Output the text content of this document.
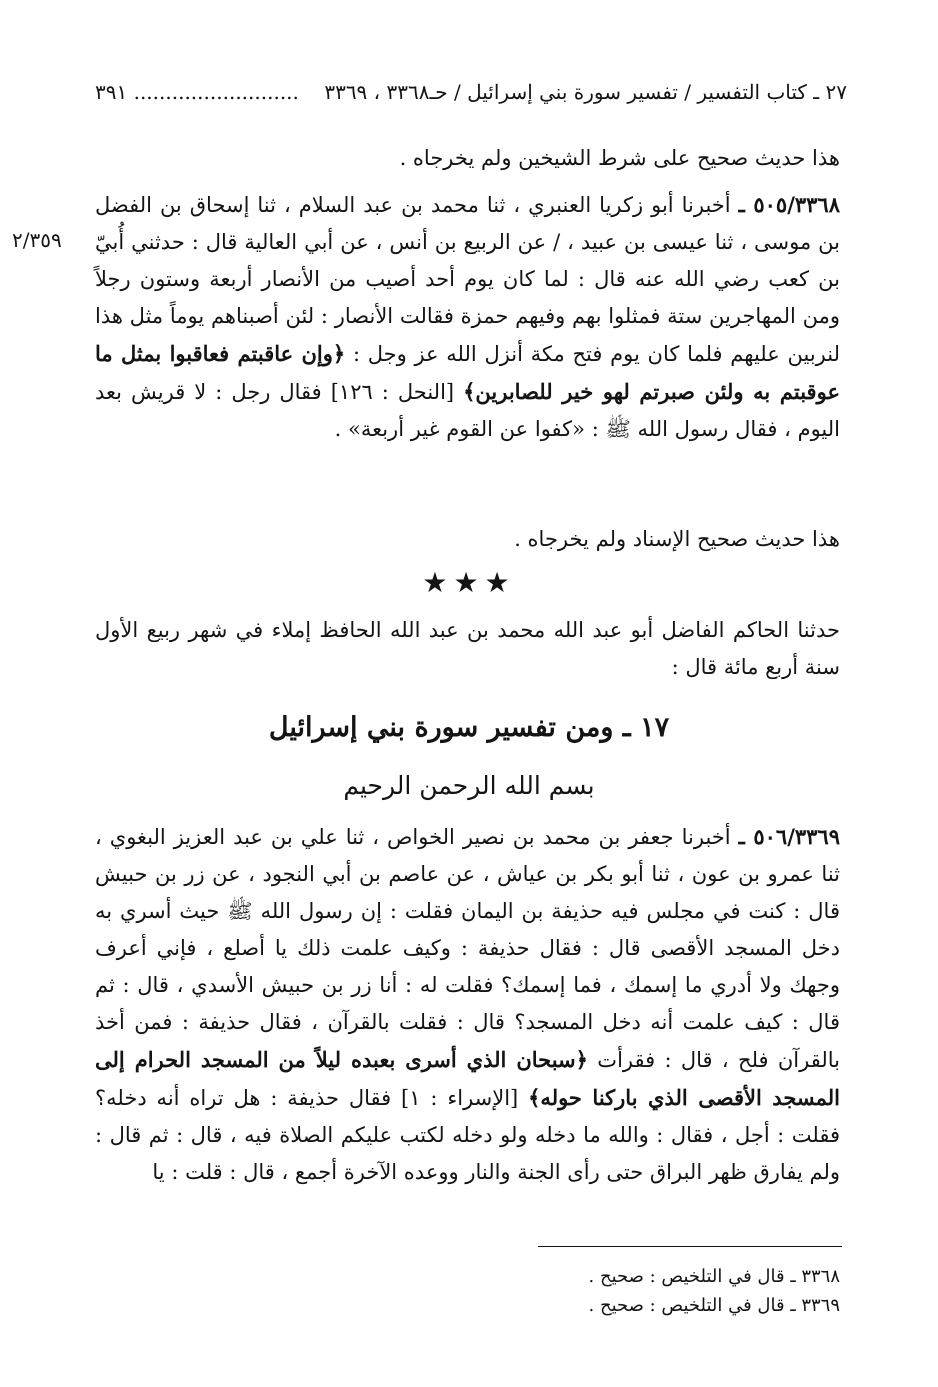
٢٧ ـ كتاب التفسير / تفسير سورة بني إسرائيل / حـ٣٣٦٨ ، ٣٣٦٩
.......................... ٣٩١
٢/٣٥٩
هذا حديث صحيح على شرط الشيخين ولم يخرجاه .
٥٠٥/٣٣٦٨ ـ أخبرنا أبو زكريا العنبري ، ثنا محمد بن عبد السلام ، ثنا إسحاق بن الفضل بن موسى ، ثنا عيسى بن عبيد ، / عن الربيع بن أنس ، عن أبي العالية قال : حدثني أُبيّ بن كعب رضي الله عنه قال : لما كان يوم أحد أصيب من الأنصار أربعة وستون رجلاً ومن المهاجرين ستة فمثلوا بهم وفيهم حمزة فقالت الأنصار : لئن أصبناهم يوماً مثل هذا لنربين عليهم فلما كان يوم فتح مكة أنزل الله عز وجل : ﴿وإن عاقبتم فعاقبوا بمثل ما عوقبتم به ولئن صبرتم لهو خير للصابرين﴾ [النحل : ١٢٦] فقال رجل : لا قريش بعد اليوم ، فقال رسول الله ﷺ : «كفوا عن القوم غير أربعة» .
هذا حديث صحيح الإسناد ولم يخرجاه .
★★★
حدثنا الحاكم الفاضل أبو عبد الله محمد بن عبد الله الحافظ إملاء في شهر ربيع الأول سنة أربع مائة قال :
١٧ ـ ومن تفسير سورة بني إسرائيل
بسم الله الرحمن الرحيم
٥٠٦/٣٣٦٩ ـ أخبرنا جعفر بن محمد بن نصير الخواص ، ثنا علي بن عبد العزيز البغوي ، ثنا عمرو بن عون ، ثنا أبو بكر بن عياش ، عن عاصم بن أبي النجود ، عن زر بن حبيش قال : كنت في مجلس فيه حذيفة بن اليمان فقلت : إن رسول الله ﷺ حيث أسري به دخل المسجد الأقصى قال : فقال حذيفة : وكيف علمت ذلك يا أصلع ، فإني أعرف وجهك ولا أدري ما إسمك ، فما إسمك؟ فقلت له : أنا زر بن حبيش الأسدي ، قال : ثم قال : كيف علمت أنه دخل المسجد؟ قال : فقلت بالقرآن ، فقال حذيفة : فمن أخذ بالقرآن فلح ، قال : فقرأت ﴿سبحان الذي أسرى بعبده ليلاً من المسجد الحرام إلى المسجد الأقصى الذي باركنا حوله﴾ [الإسراء : ١] فقال حذيفة : هل تراه أنه دخله؟ فقلت : أجل ، فقال : والله ما دخله ولو دخله لكتب عليكم الصلاة فيه ، قال : ثم قال : ولم يفارق ظهر البراق حتى رأى الجنة والنار ووعده الآخرة أجمع ، قال : قلت : يا
٣٣٦٨ ـ قال في التلخيص : صحيح .
٣٣٦٩ ـ قال في التلخيص : صحيح .
